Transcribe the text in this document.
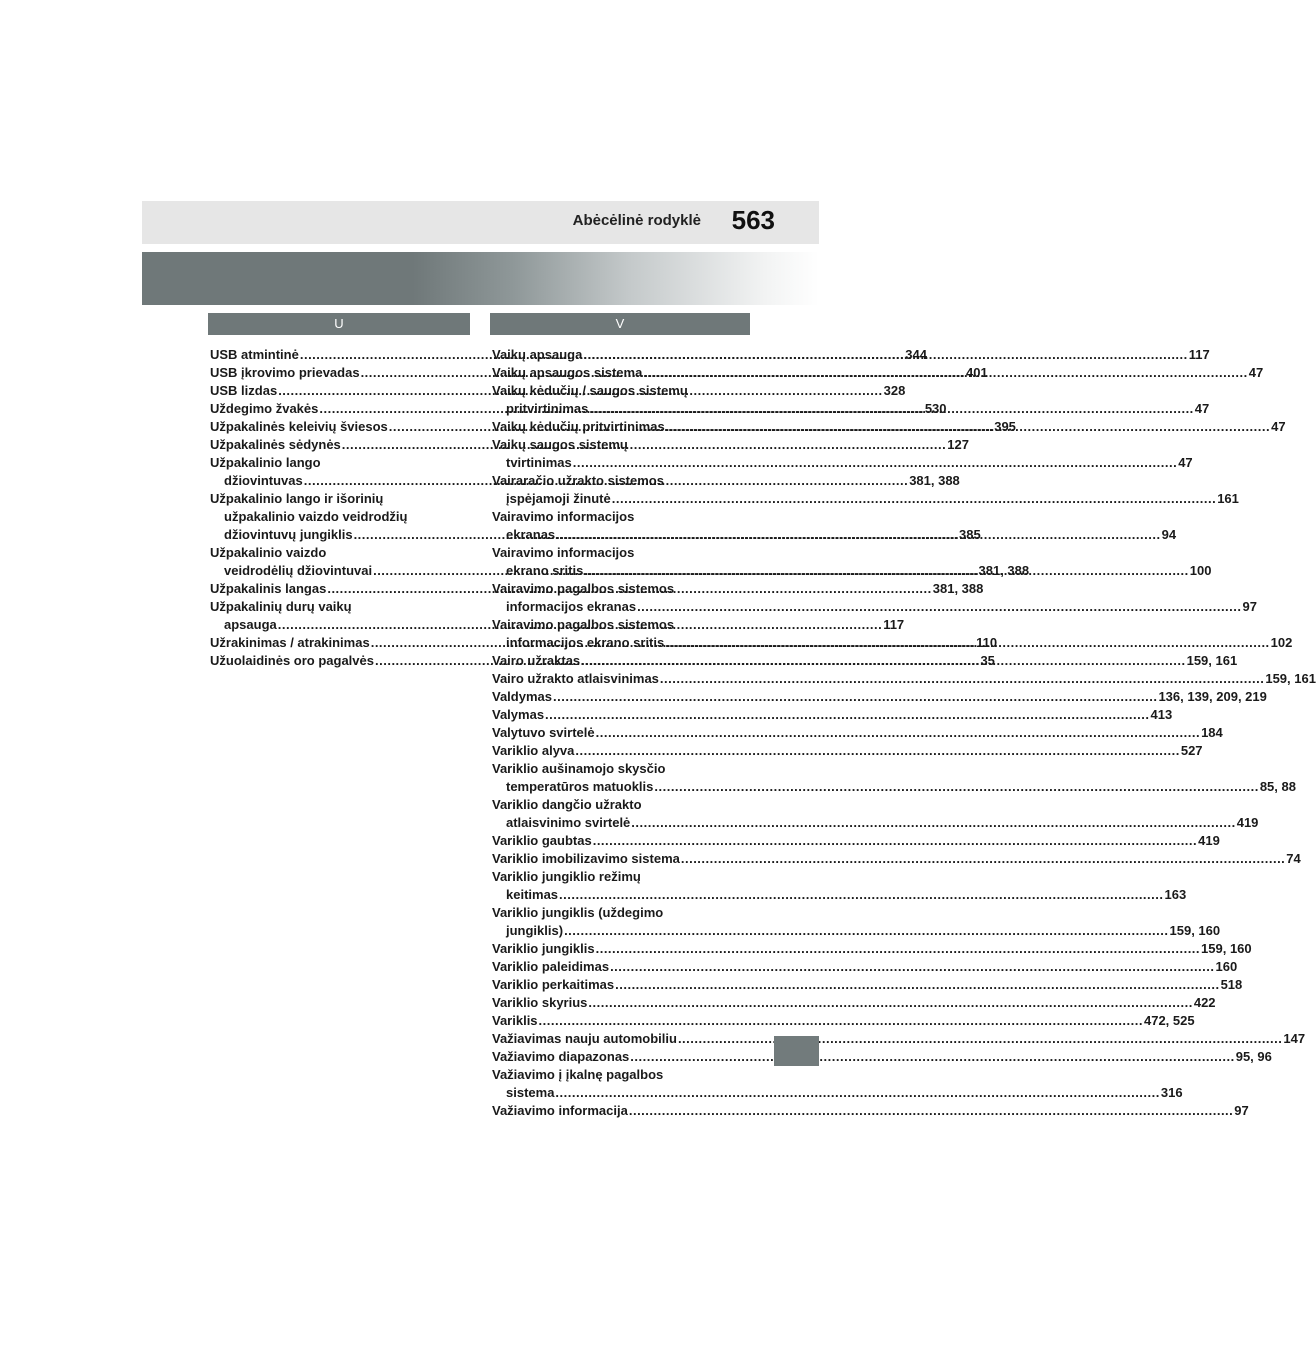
Abėcėlinė rodyklė 563
U
USB atmintinė .....	344
USB įkrovimo prievadas .....	401
USB lizdas .....	328
Uždegimo žvakės .....	530
Užpakalinės keleivių šviesos .....	395
Užpakalinės sėdynės .....	127
Užpakalinio lango
džiovintuvas .....	381, 388
Užpakalinio lango ir išorinių
užpakalinio vaizdo veidrodžių
džiovintuvų jungiklis .....	385
Užpakalinio vaizdo
veidrodėlių džiovintuvai .....	381, 388
Užpakalinis langas .....	381, 388
Užpakalinių durų vaikų
apsauga .....	117
Užrakinimas / atrakinimas .....	110
Užuolaidinės oro pagalvės .....	35
V
Vaikų apsauga .....	117
Vaikų apsaugos sistema .....	47
Vaikų kėdučių / saugos sistemų
pritvirtinimas .....	47
Vaikų kėdučių pritvirtinimas .....	47
Vaikų saugos sistemų
tvirtinimas .....	47
Vairaračio užrakto sistemos
įspėjamoji žinutė .....	161
Vairavimo informacijos
ekranas .....	94
Vairavimo informacijos
ekrano sritis .....	100
Vairavimo pagalbos sistemos
informacijos ekranas .....	97
Vairavimo pagalbos sistemos
informacijos ekrano sritis .....	102
Vairo užraktas .....	159, 161
Vairo užrakto atlaisvinimas .....	159, 161
Valdymas .....	136, 139, 209, 219
Valymas .....	413
Valytuvo svirtelė .....	184
Variklio alyva .....	527
Variklio aušinamojo skysčio
temperatūros matuoklis .....	85, 88
Variklio dangčio užrakto
atlaisvinimo svirtelė .....	419
Variklio gaubtas .....	419
Variklio imobilizavimo sistema .....	74
Variklio jungiklio režimų
keitimas .....	163
Variklio jungiklis (uždegimo
jungiklis) .....	159, 160
Variklio jungiklis .....	159, 160
Variklio paleidimas .....	160
Variklio perkaitimas .....	518
Variklio skyrius .....	422
Variklis .....	472, 525
Važiavimas nauju automobiliu .....	147
Važiavimo diapazonas .....	95, 96
Važiavimo į įkalnę pagalbos
sistema .....	316
Važiavimo informacija .....	97
